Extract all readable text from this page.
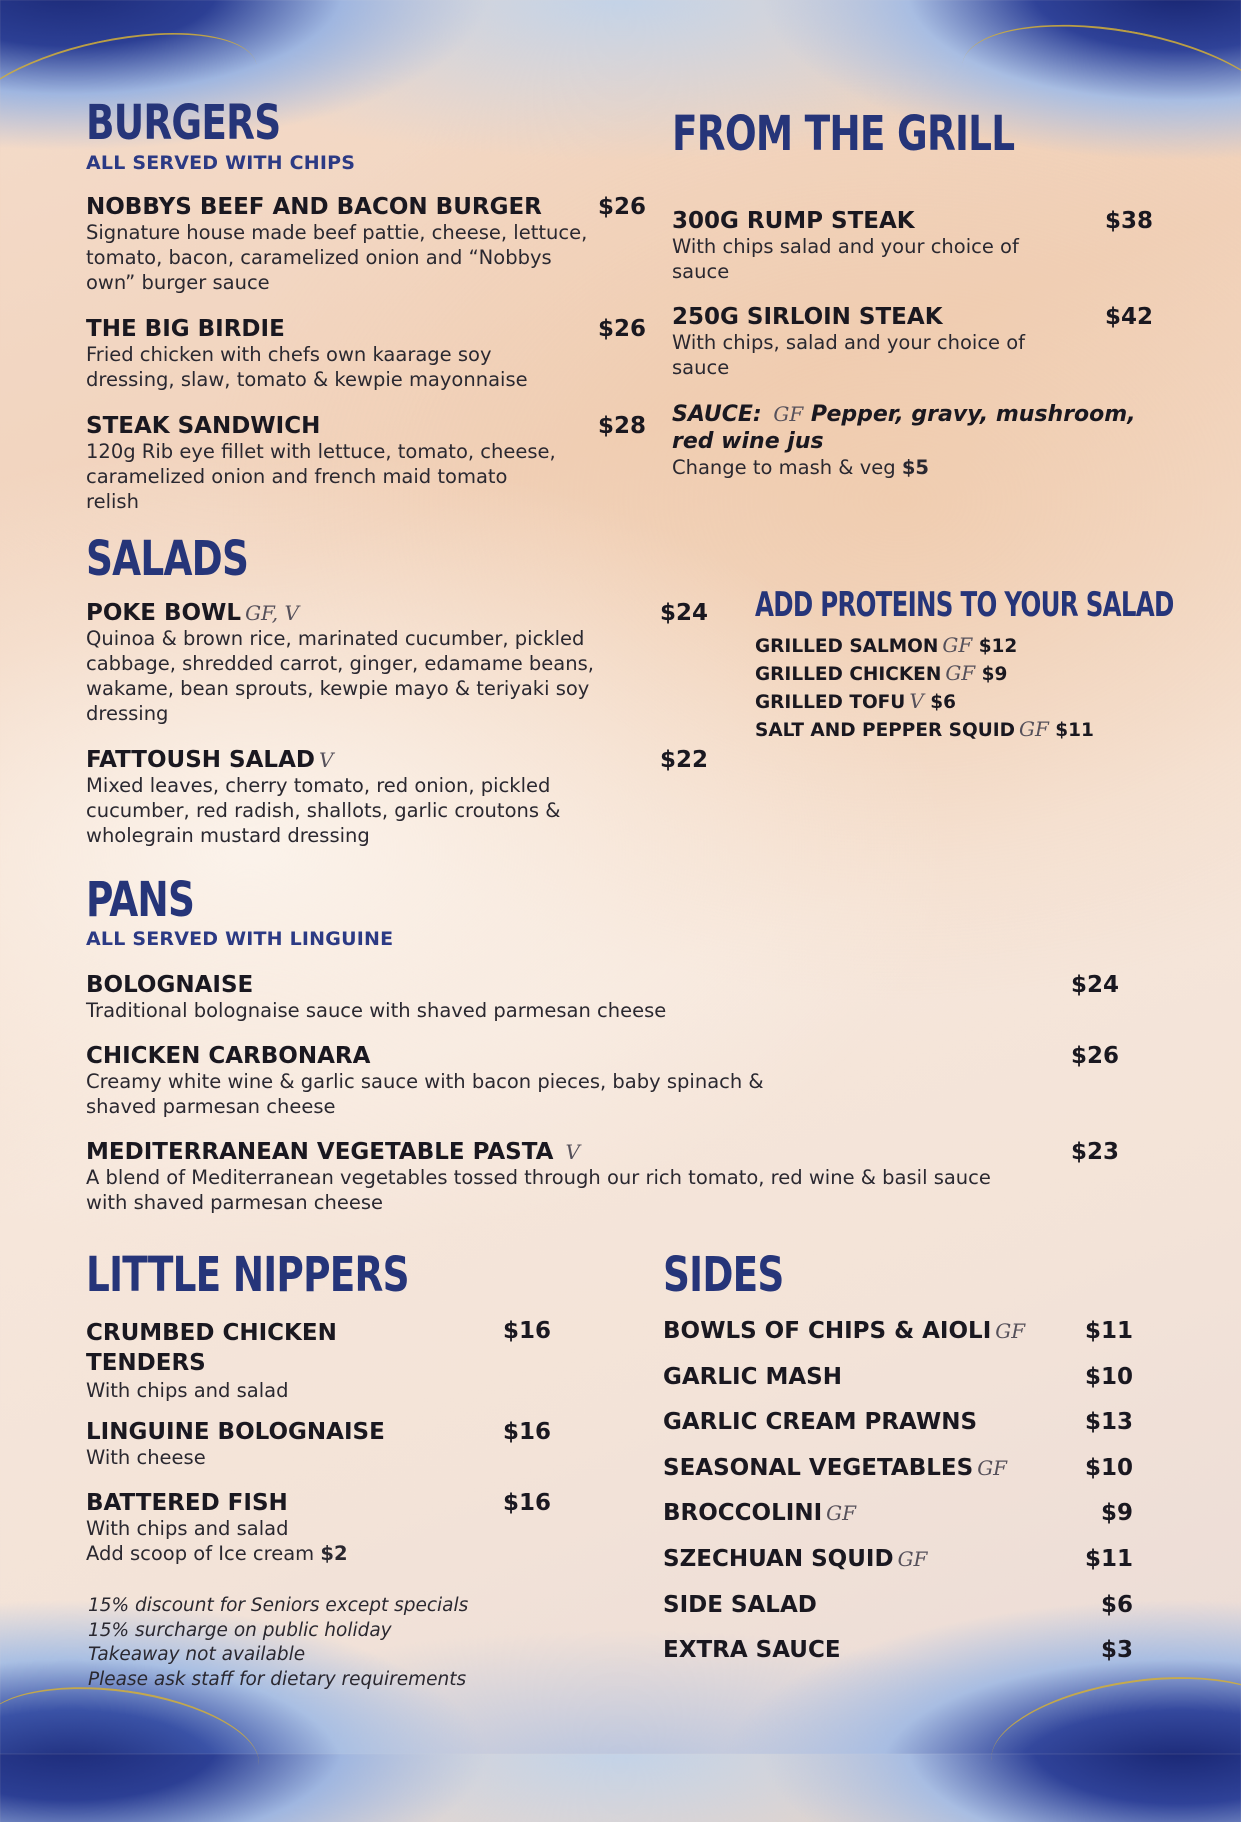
BURGERS
ALL SERVED WITH CHIPS
NOBBYS BEEF AND BACON BURGER
Signature house made beef pattie, cheese, lettuce, tomato, bacon, caramelized onion and “Nobbys own” burger sauce
$26
THE BIG BIRDIE
Fried chicken with chefs own kaarage soy dressing, slaw, tomato & kewpie mayonnaise
$26
STEAK SANDWICH
120g Rib eye fillet with lettuce, tomato, cheese, caramelized onion and french maid tomato relish
$28
FROM THE GRILL
300G RUMP STEAK
With chips salad and your choice of sauce
$38
250G SIRLOIN STEAK
With chips, salad and your choice of sauce
$42
SAUCE: GF Pepper, gravy, mushroom, red wine jus
Change to mash & veg $5
SALADS
POKE BOWL GF, V
Quinoa & brown rice, marinated cucumber, pickled cabbage, shredded carrot, ginger, edamame beans, wakame, bean sprouts, kewpie mayo & teriyaki soy dressing
$24
FATTOUSH SALAD V
Mixed leaves, cherry tomato, red onion, pickled cucumber, red radish, shallots, garlic croutons & wholegrain mustard dressing
$22
ADD PROTEINS TO YOUR SALAD
GRILLED SALMON GF $12
GRILLED CHICKEN GF $9
GRILLED TOFU V $6
SALT AND PEPPER SQUID GF $11
PANS
ALL SERVED WITH LINGUINE
BOLOGNAISE
Traditional bolognaise sauce with shaved parmesan cheese
$24
CHICKEN CARBONARA
Creamy white wine & garlic sauce with bacon pieces, baby spinach & shaved parmesan cheese
$26
MEDITERRANEAN VEGETABLE PASTA V
A blend of Mediterranean vegetables tossed through our rich tomato, red wine & basil sauce with shaved parmesan cheese
$23
LITTLE NIPPERS
CRUMBED CHICKEN TENDERS
With chips and salad
$16
LINGUINE BOLOGNAISE
With cheese
$16
BATTERED FISH
With chips and salad
Add scoop of Ice cream $2
$16
SIDES
BOWLS OF CHIPS & AIOLI GF	$11
GARLIC MASH	$10
GARLIC CREAM PRAWNS	$13
SEASONAL VEGETABLES GF	$10
BROCCOLINI GF	$9
SZECHUAN SQUID GF	$11
SIDE SALAD	$6
EXTRA SAUCE	$3
15% discount for Seniors except specials
15% surcharge on public holiday
Takeaway not available
Please ask staff for dietary requirements
